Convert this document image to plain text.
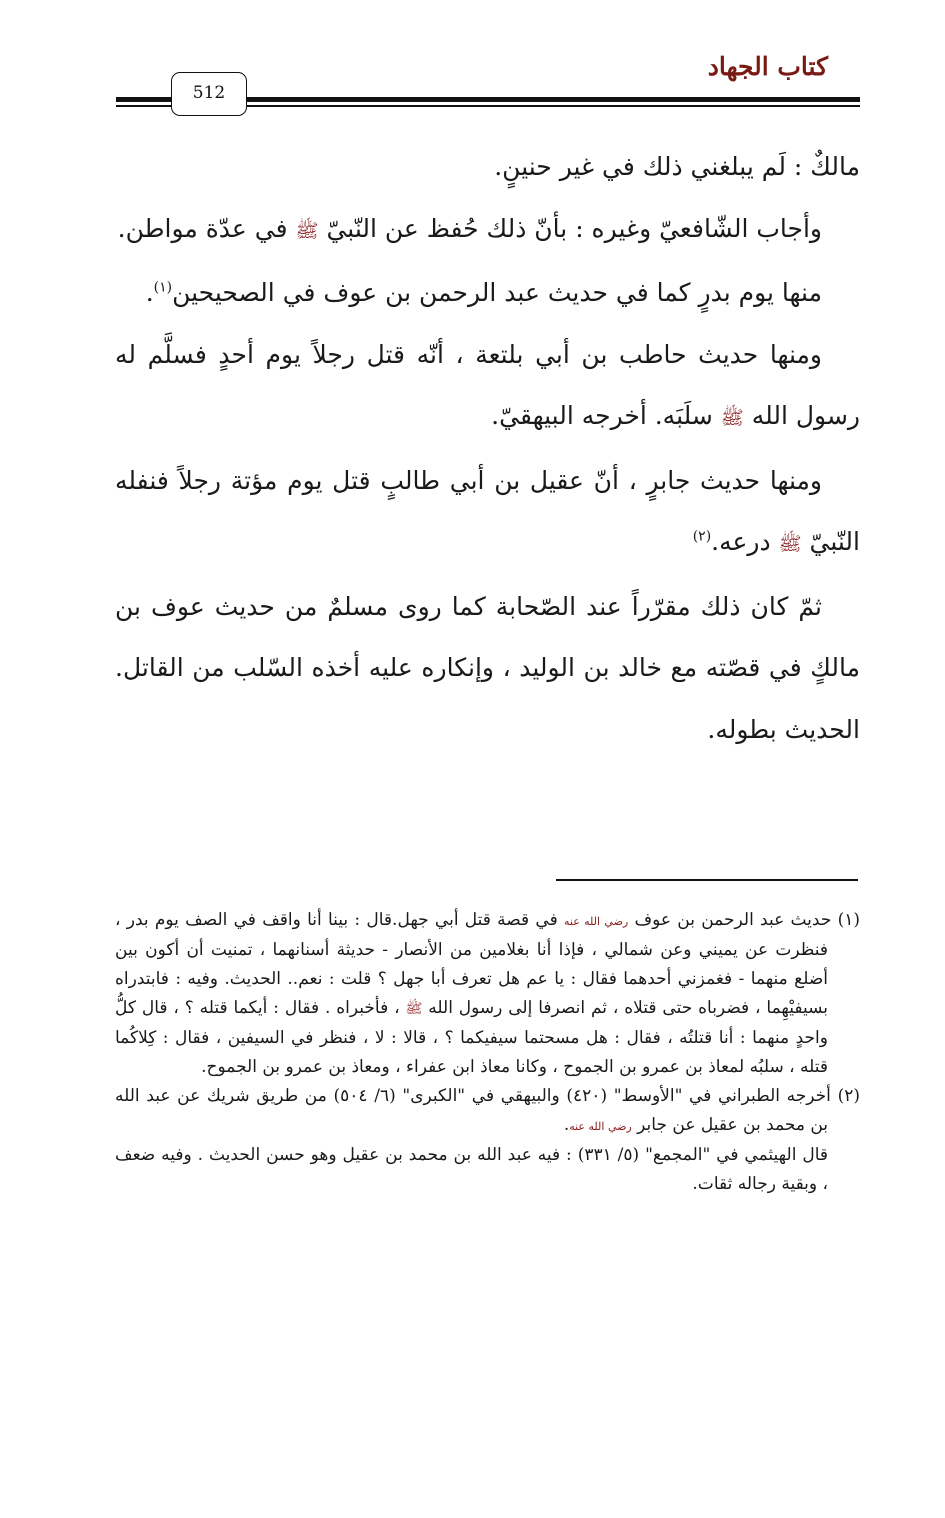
كتاب الجهاد
512

مالكٌ : لَم يبلغني ذلك في غير حنينٍ.

وأجاب الشّافعيّ وغيره : بأنّ ذلك حُفظ عن النّبيّ ﷺ في عدّة مواطن.

منها يوم بدرٍ كما في حديث عبد الرحمن بن عوف في الصحيحين$^{(١)}$.

ومنها حديث حاطب بن أبي بلتعة ، أنّه قتل رجلاً يوم أحدٍ فسلَّم له رسول الله ﷺ سلَبَه. أخرجه البيهقيّ.

ومنها حديث جابرٍ ، أنّ عقيل بن أبي طالبٍ قتل يوم مؤتة رجلاً فنفله النّبيّ ﷺ درعه.$^{(٢)}$

ثمّ كان ذلك مقرّراً عند الصّحابة كما روى مسلمٌ من حديث عوف بن مالكٍ في قصّته مع خالد بن الوليد ، وإنكاره عليه أخذه السّلب من القاتل. الحديث بطوله.

(١) حديث عبد الرحمن بن عوف رضي الله عنه في قصة قتل أبي جهل.قال : بينا أنا واقف في الصف يوم بدر ، فنظرت عن يميني وعن شمالي ، فإذا أنا بغلامين من الأنصار - حديثة أسنانهما ، تمنيت أن أكون بين أضلع منهما - فغمزني أحدهما فقال : يا عم هل تعرف أبا جهل ؟ قلت : نعم.. الحديث. وفيه : فابتدراه بسيفيْهِما ، فضرباه حتى قتلاه ، ثم انصرفا إلى رسول الله ﷺ ، فأخبراه . فقال : أيكما قتله ؟ ، قال كلُّ واحدٍ منهما : أنا قتلتُه ، فقال : هل مسحتما سيفيكما ؟ ، قالا : لا ، فنظر في السيفين ، فقال : كِلاكُما قتله ، سلبُه لمعاذ بن عمرو بن الجموح ، وكانا معاذ ابن عفراء ، ومعاذ بن عمرو بن الجموح.

(٢) أخرجه الطبراني في "الأوسط" (٤٢٠) والبيهقي في "الكبرى" (٦/ ٥٠٤) من طريق شريك عن عبد الله بن محمد بن عقيل عن جابر رضي الله عنه.

قال الهيثمي في "المجمع" (٥/ ٣٣١) : فيه عبد الله بن محمد بن عقيل وهو حسن الحديث . وفيه ضعف ، وبقية رجاله ثقات.
